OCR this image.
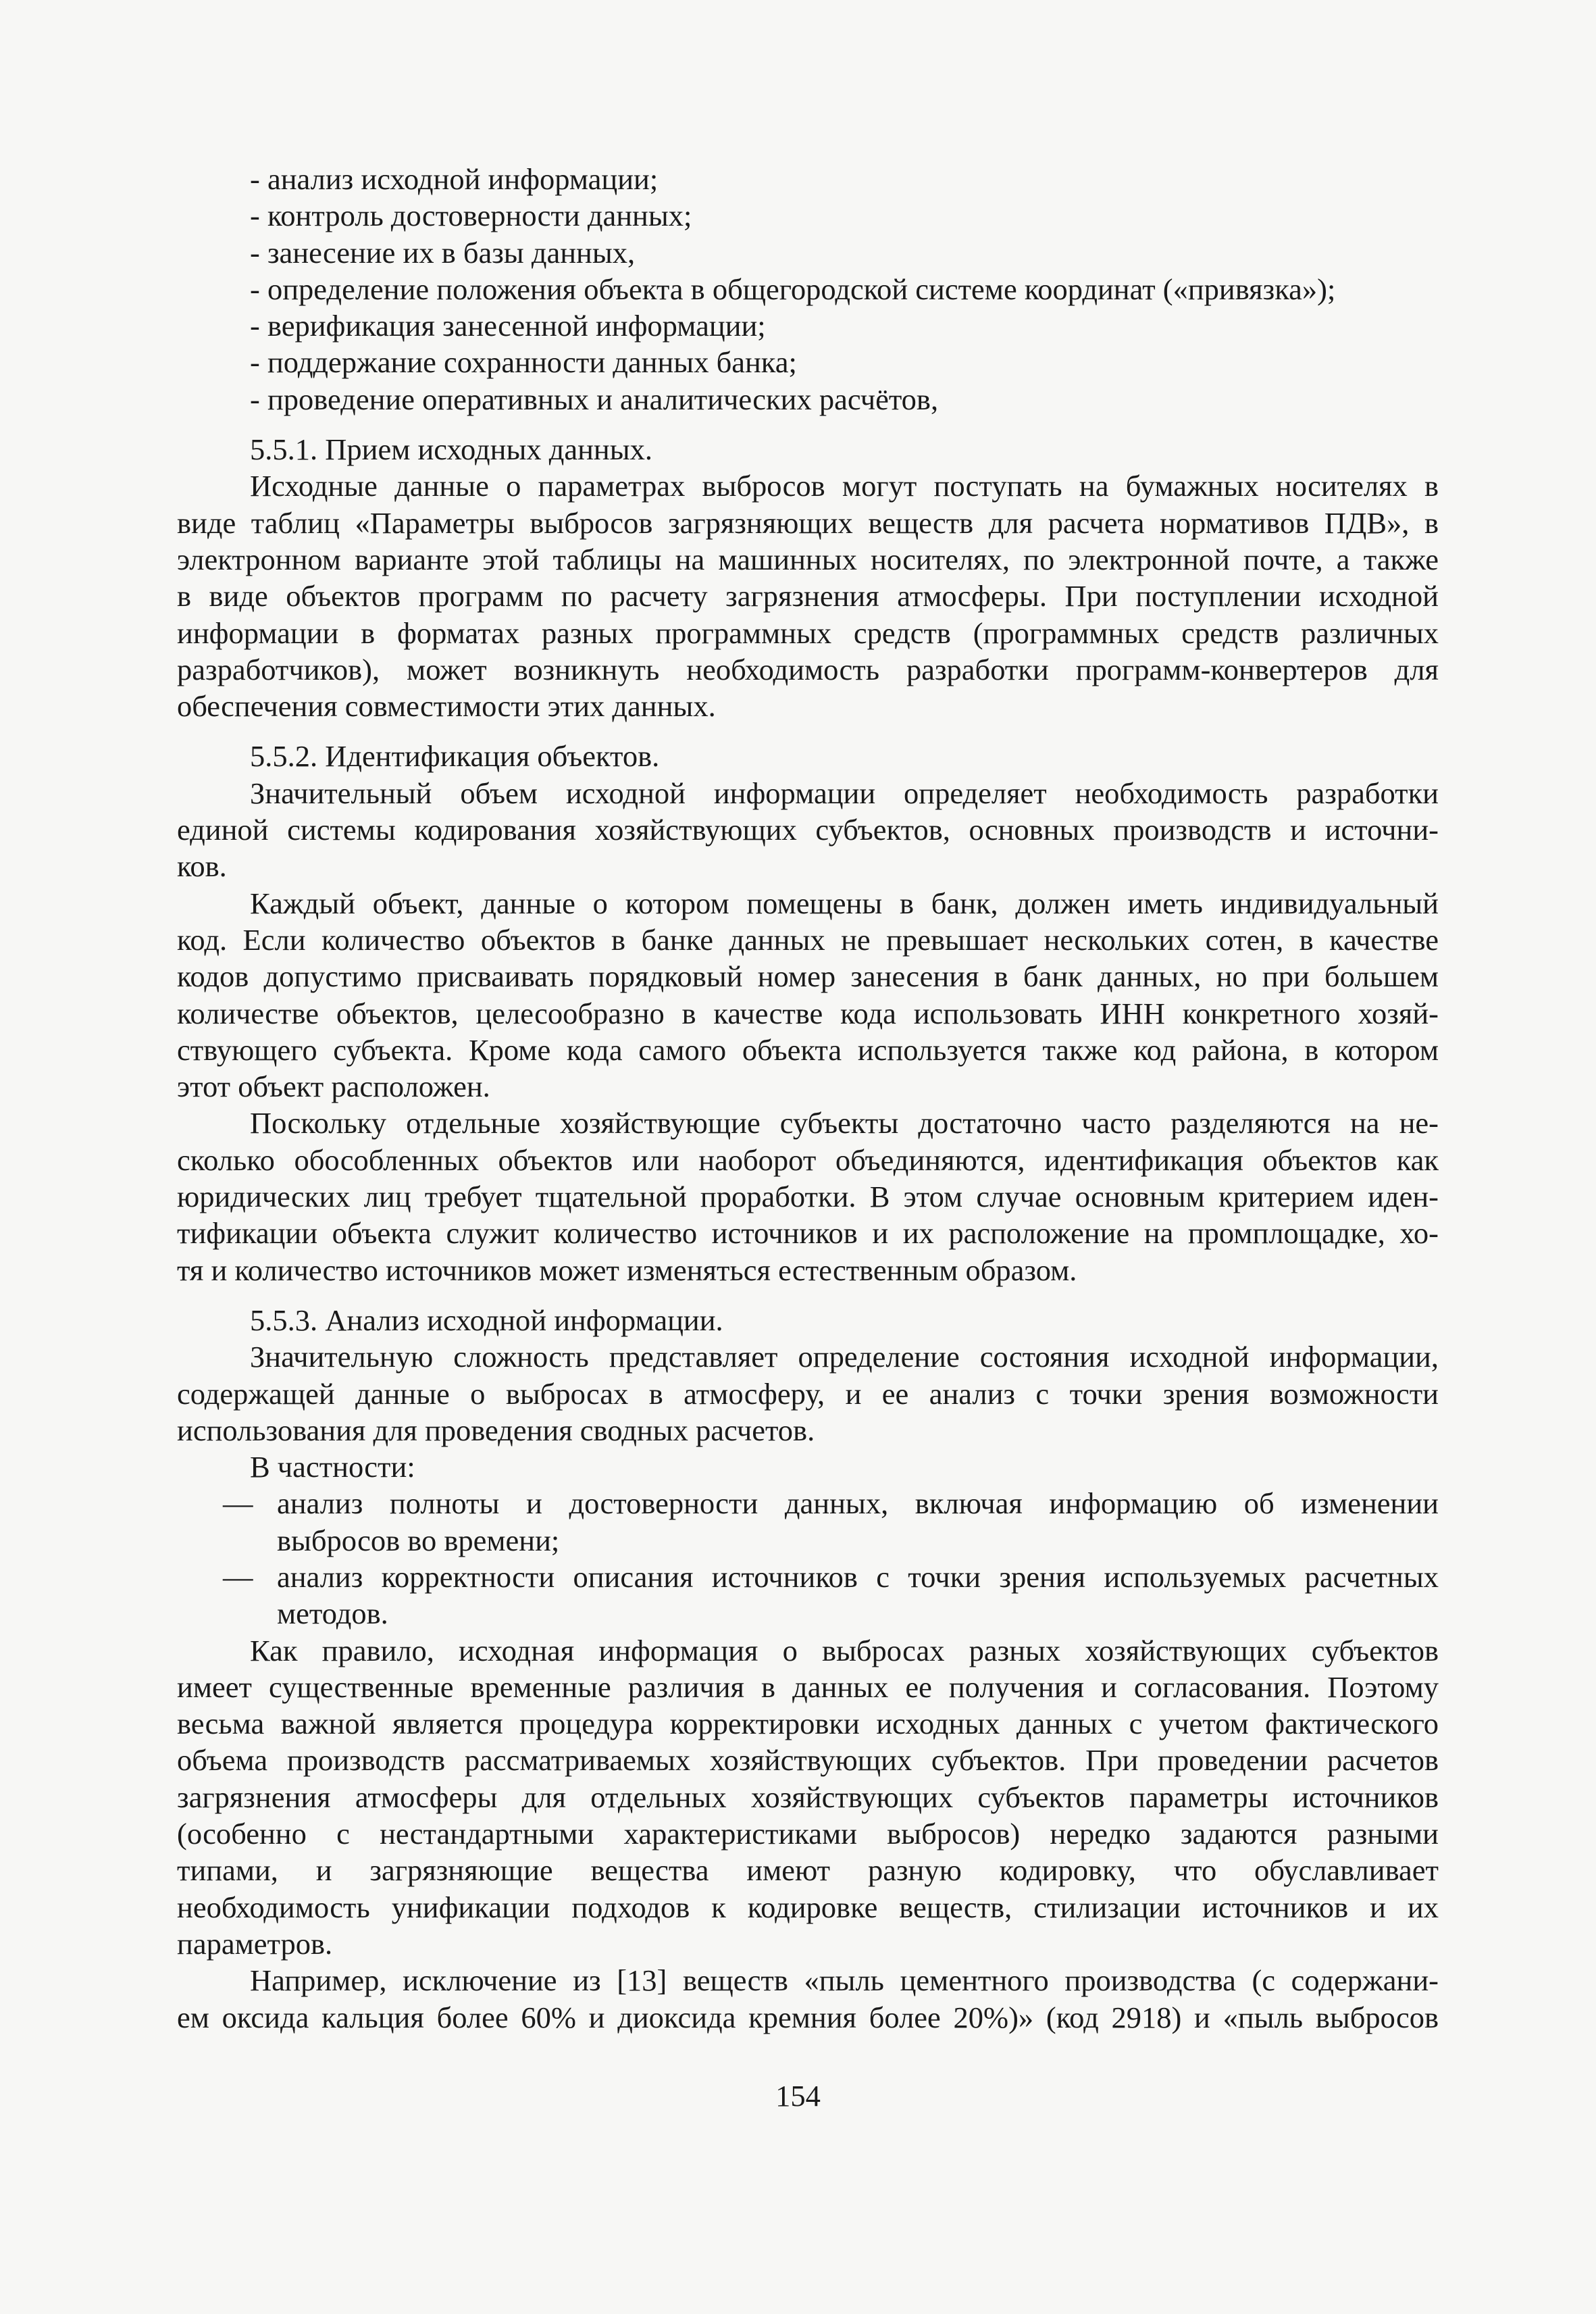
- анализ исходной информации;
- контроль достоверности данных;
- занесение их в базы данных,
- определение положения объекта в общегородской системе координат («привязка»);
- верификация занесенной информации;
- поддержание сохранности данных банка;
- проведение оперативных и аналитических расчётов,
5.5.1. Прием исходных данных.
Исходные данные о параметрах выбросов могут поступать на бумажных носителях в
виде таблиц «Параметры выбросов загрязняющих веществ для расчета нормативов ПДВ», в
электронном варианте этой таблицы на машинных носителях, по электронной почте, а также
в виде объектов программ по расчету загрязнения атмосферы. При поступлении исходной
информации в форматах разных программных средств (программных средств различных
разработчиков), может возникнуть необходимость разработки программ-конвертеров для
обеспечения совместимости этих данных.
5.5.2. Идентификация объектов.
Значительный объем исходной информации определяет необходимость разработки
единой системы кодирования хозяйствующих субъектов, основных производств и источни-
ков.
Каждый объект, данные о котором помещены в банк, должен иметь индивидуальный
код. Если количество объектов в банке данных не превышает нескольких сотен, в качестве
кодов допустимо присваивать порядковый номер занесения в банк данных, но при большем
количестве объектов, целесообразно в качестве кода использовать ИНН конкретного хозяй-
ствующего субъекта. Кроме кода самого объекта используется также код района, в котором
этот объект расположен.
Поскольку отдельные хозяйствующие субъекты достаточно часто разделяются на не-
сколько обособленных объектов или наоборот объединяются, идентификация объектов как
юридических лиц требует тщательной проработки. В этом случае основным критерием иден-
тификации объекта служит количество источников и их расположение на промплощадке, хо-
тя и количество источников может изменяться естественным образом.
5.5.3. Анализ исходной информации.
Значительную сложность представляет определение состояния исходной информации,
содержащей данные о выбросах в атмосферу, и ее анализ с точки зрения возможности
использования для проведения сводных расчетов.
В частности:
— анализ полноты и достоверности данных, включая информацию об изменении
выбросов во времени;
— анализ корректности описания источников с точки зрения используемых расчетных
методов.
Как правило, исходная информация о выбросах разных хозяйствующих субъектов
имеет существенные временные различия в данных ее получения и согласования. Поэтому
весьма важной является процедура корректировки исходных данных с учетом фактического
объема производств рассматриваемых хозяйствующих субъектов. При проведении расчетов
загрязнения атмосферы для отдельных хозяйствующих субъектов параметры источников
(особенно с нестандартными характеристиками выбросов) нередко задаются разными
типами, и загрязняющие вещества имеют разную кодировку, что обуславливает
необходимость унификации подходов к кодировке веществ, стилизации источников и их
параметров.
Например, исключение из [13] веществ «пыль цементного производства (с содержани-
ем оксида кальция более 60% и диоксида кремния более 20%)» (код 2918) и «пыль выбросов
154
